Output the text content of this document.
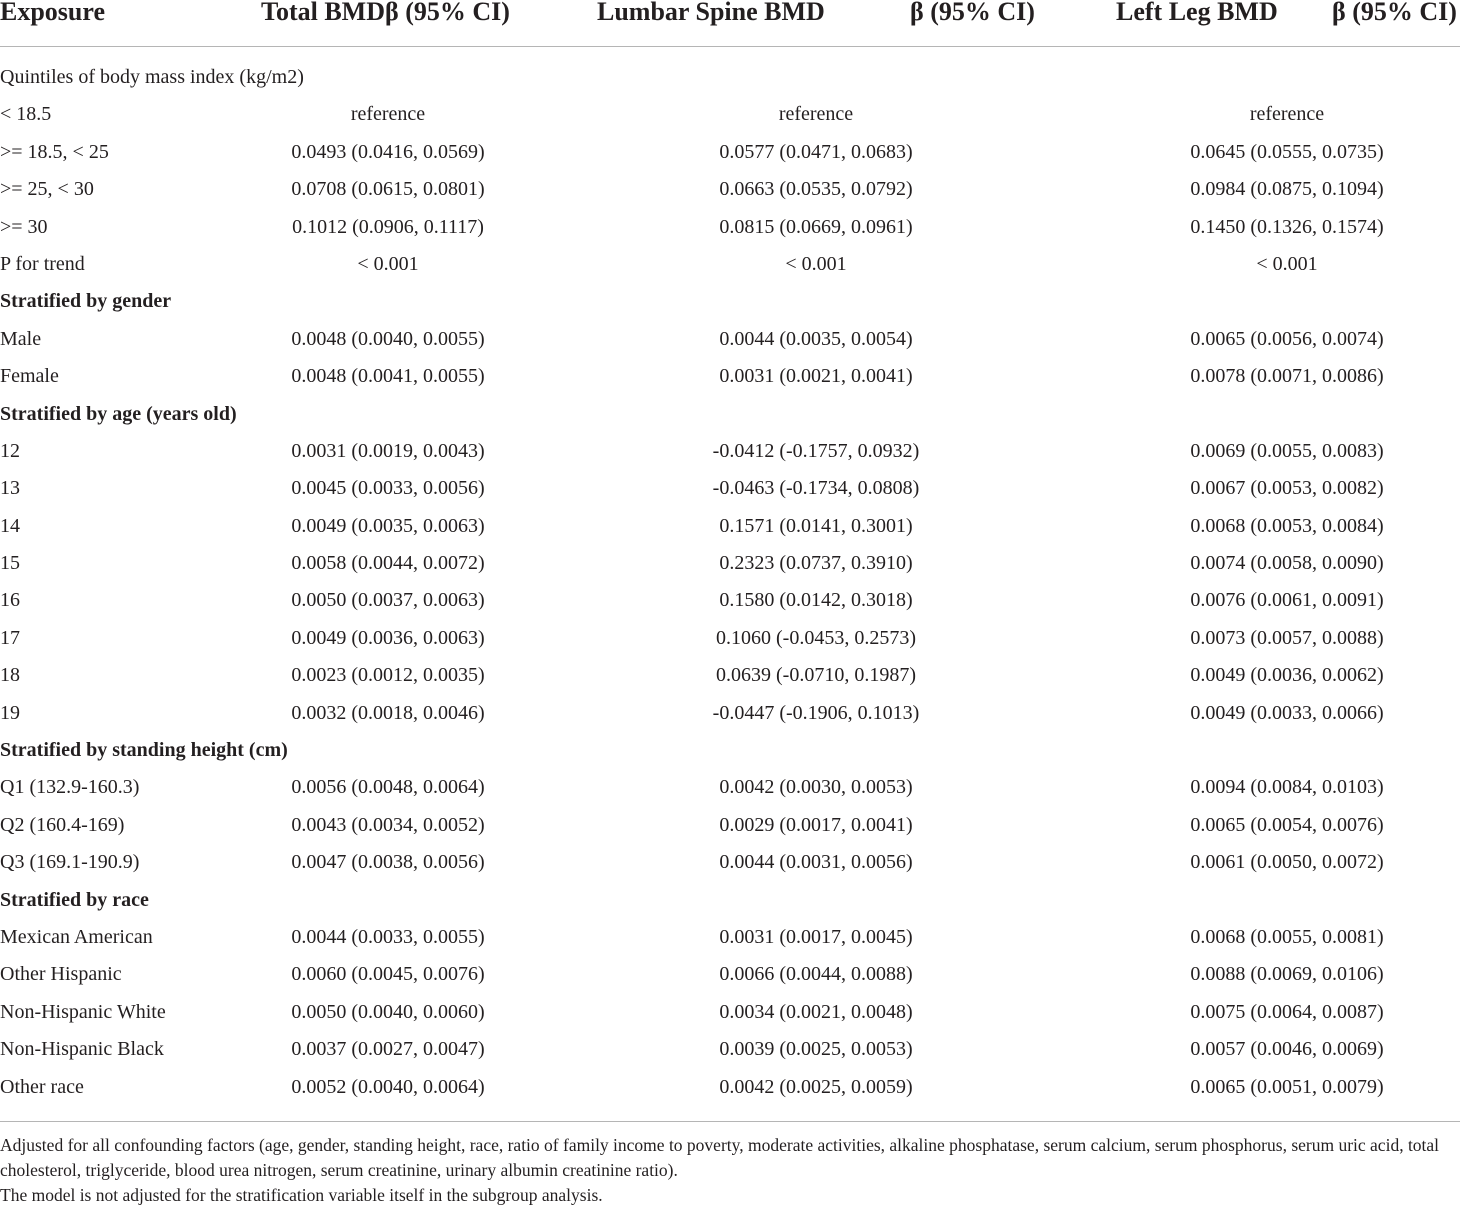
Exposure	Total BMDβ (95% CI)	Lumbar Spine BMD	β (95% CI)	Left Leg BMD β (95% CI)
Quintiles of body mass index (kg/m2)
< 18.5	reference	reference	reference
>= 18.5, < 25	0.0493 (0.0416, 0.0569)	0.0577 (0.0471, 0.0683)	0.0645 (0.0555, 0.0735)
>= 25, < 30	0.0708 (0.0615, 0.0801)	0.0663 (0.0535, 0.0792)	0.0984 (0.0875, 0.1094)
>= 30	0.1012 (0.0906, 0.1117)	0.0815 (0.0669, 0.0961)	0.1450 (0.1326, 0.1574)
P for trend	< 0.001	< 0.001	< 0.001
Stratified by gender
Male	0.0048 (0.0040, 0.0055)	0.0044 (0.0035, 0.0054)	0.0065 (0.0056, 0.0074)
Female	0.0048 (0.0041, 0.0055)	0.0031 (0.0021, 0.0041)	0.0078 (0.0071, 0.0086)
Stratified by age (years old)
12	0.0031 (0.0019, 0.0043)	-0.0412 (-0.1757, 0.0932)	0.0069 (0.0055, 0.0083)
13	0.0045 (0.0033, 0.0056)	-0.0463 (-0.1734, 0.0808)	0.0067 (0.0053, 0.0082)
14	0.0049 (0.0035, 0.0063)	0.1571 (0.0141, 0.3001)	0.0068 (0.0053, 0.0084)
15	0.0058 (0.0044, 0.0072)	0.2323 (0.0737, 0.3910)	0.0074 (0.0058, 0.0090)
16	0.0050 (0.0037, 0.0063)	0.1580 (0.0142, 0.3018)	0.0076 (0.0061, 0.0091)
17	0.0049 (0.0036, 0.0063)	0.1060 (-0.0453, 0.2573)	0.0073 (0.0057, 0.0088)
18	0.0023 (0.0012, 0.0035)	0.0639 (-0.0710, 0.1987)	0.0049 (0.0036, 0.0062)
19	0.0032 (0.0018, 0.0046)	-0.0447 (-0.1906, 0.1013)	0.0049 (0.0033, 0.0066)
Stratified by standing height (cm)
Q1 (132.9-160.3)	0.0056 (0.0048, 0.0064)	0.0042 (0.0030, 0.0053)	0.0094 (0.0084, 0.0103)
Q2 (160.4-169)	0.0043 (0.0034, 0.0052)	0.0029 (0.0017, 0.0041)	0.0065 (0.0054, 0.0076)
Q3 (169.1-190.9)	0.0047 (0.0038, 0.0056)	0.0044 (0.0031, 0.0056)	0.0061 (0.0050, 0.0072)
Stratified by race
Mexican American	0.0044 (0.0033, 0.0055)	0.0031 (0.0017, 0.0045)	0.0068 (0.0055, 0.0081)
Other Hispanic	0.0060 (0.0045, 0.0076)	0.0066 (0.0044, 0.0088)	0.0088 (0.0069, 0.0106)
Non-Hispanic White	0.0050 (0.0040, 0.0060)	0.0034 (0.0021, 0.0048)	0.0075 (0.0064, 0.0087)
Non-Hispanic Black	0.0037 (0.0027, 0.0047)	0.0039 (0.0025, 0.0053)	0.0057 (0.0046, 0.0069)
Other race	0.0052 (0.0040, 0.0064)	0.0042 (0.0025, 0.0059)	0.0065 (0.0051, 0.0079)

Adjusted for all confounding factors (age, gender, standing height, race, ratio of family income to poverty, moderate activities, alkaline phosphatase, serum calcium, serum phosphorus, serum uric acid, total cholesterol, triglyceride, blood urea nitrogen, serum creatinine, urinary albumin creatinine ratio).

The model is not adjusted for the stratification variable itself in the subgroup analysis.
